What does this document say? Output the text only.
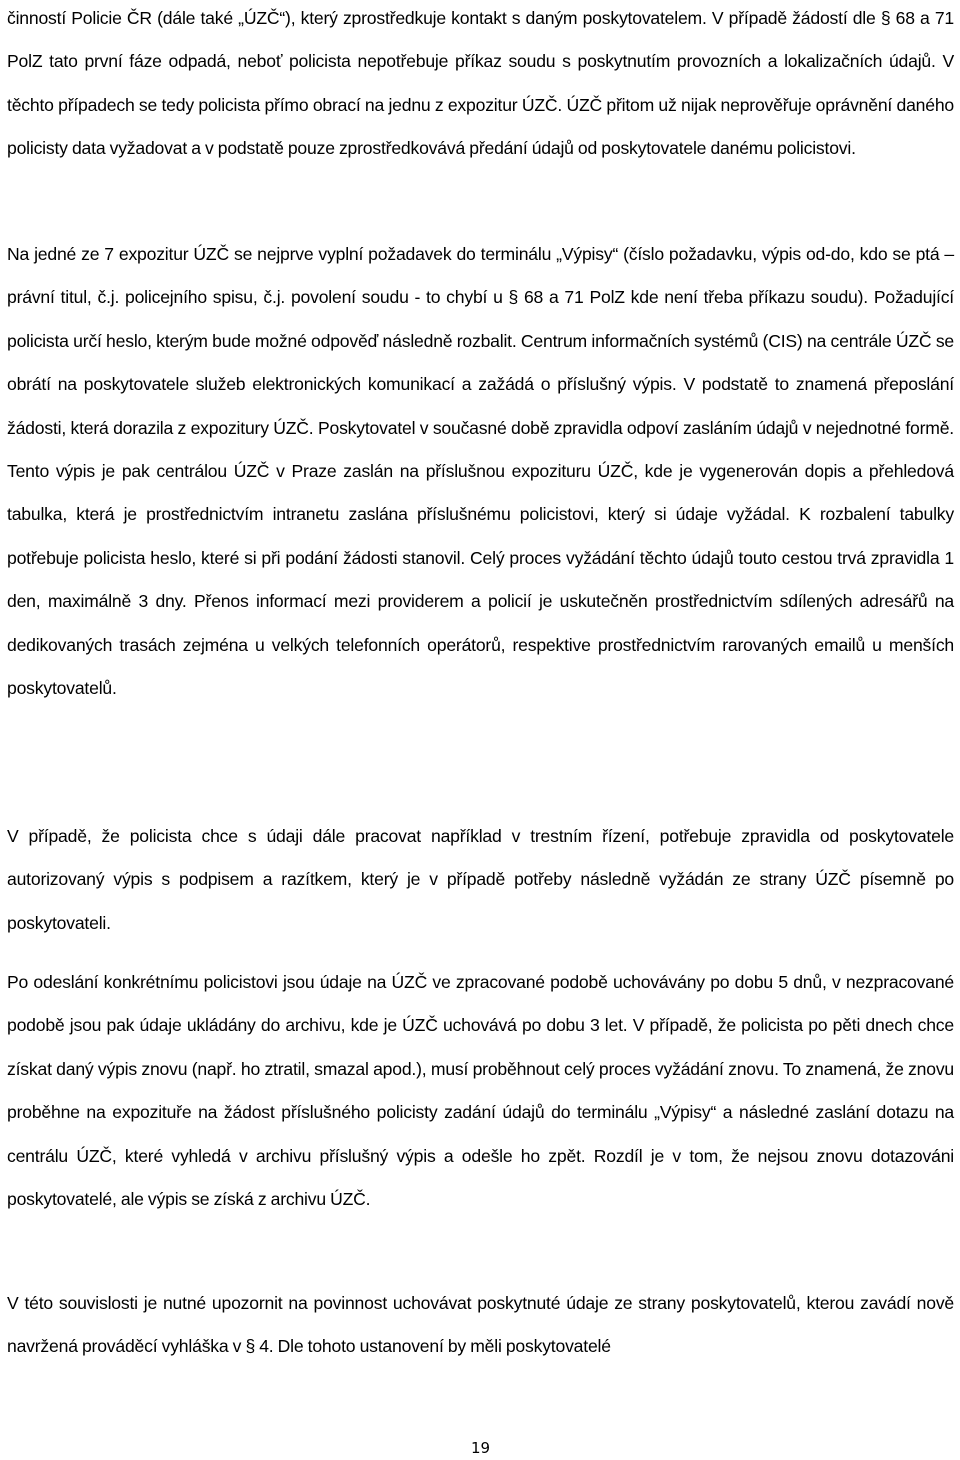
činností Policie ČR (dále také „ÚZČ“), který zprostředkuje kontakt s daným poskytovatelem. V případě žádostí dle § 68 a 71 PolZ tato první fáze odpadá, neboť policista nepotřebuje příkaz soudu s poskytnutím provozních a lokalizačních údajů. V těchto případech se tedy policista přímo obrací na jednu z expozitur ÚZČ. ÚZČ přitom už nijak neprověřuje oprávnění daného policisty data vyžadovat a v podstatě pouze zprostředkovává předání údajů od poskytovatele danému policistovi.

Na jedné ze 7 expozitur ÚZČ se nejprve vyplní požadavek do terminálu „Výpisy“ (číslo požadavku, výpis od-do, kdo se ptá – právní titul, č.j. policejního spisu, č.j. povolení soudu - to chybí u § 68 a 71 PolZ kde není třeba příkazu soudu). Požadující policista určí heslo, kterým bude možné odpověď následně rozbalit. Centrum informačních systémů (CIS) na centrále ÚZČ se obrátí na poskytovatele služeb elektronických komunikací a zažádá o příslušný výpis. V podstatě to znamená přeposlání žádosti, která dorazila z expozitury ÚZČ. Poskytovatel v současné době zpravidla odpoví zasláním údajů v nejednotné formě. Tento výpis je pak centrálou ÚZČ v Praze zaslán na příslušnou expozituru ÚZČ, kde je vygenerován dopis a přehledová tabulka, která je prostřednictvím intranetu zaslána příslušnému policistovi, který si údaje vyžádal. K rozbalení tabulky potřebuje policista heslo, které si při podání žádosti stanovil. Celý proces vyžádání těchto údajů touto cestou trvá zpravidla 1 den, maximálně 3 dny. Přenos informací mezi providerem a policií je uskutečněn prostřednictvím sdílených adresářů na dedikovaných trasách zejména u velkých telefonních operátorů, respektive prostřednictvím rarovaných emailů u menších poskytovatelů.

V případě, že policista chce s údaji dále pracovat například v trestním řízení, potřebuje zpravidla od poskytovatele autorizovaný výpis s podpisem a razítkem, který je v případě potřeby následně vyžádán ze strany ÚZČ písemně po poskytovateli.

Po odeslání konkrétnímu policistovi jsou údaje na ÚZČ ve zpracované podobě uchovávány po dobu 5 dnů, v nezpracované podobě jsou pak údaje ukládány do archivu, kde je ÚZČ uchovává po dobu 3 let. V případě, že policista po pěti dnech chce získat daný výpis znovu (např. ho ztratil, smazal apod.), musí proběhnout celý proces vyžádání znovu. To znamená, že znovu proběhne na expozituře na žádost příslušného policisty zadání údajů do terminálu „Výpisy“ a následné zaslání dotazu na centrálu ÚZČ, které vyhledá v archivu příslušný výpis a odešle ho zpět. Rozdíl je v tom, že nejsou znovu dotazováni poskytovatelé, ale výpis se získá z archivu ÚZČ.

V této souvislosti je nutné upozornit na povinnost uchovávat poskytnuté údaje ze strany poskytovatelů, kterou zavádí nově navržená prováděcí vyhláška v § 4. Dle tohoto ustanovení by měli poskytovatelé

19
